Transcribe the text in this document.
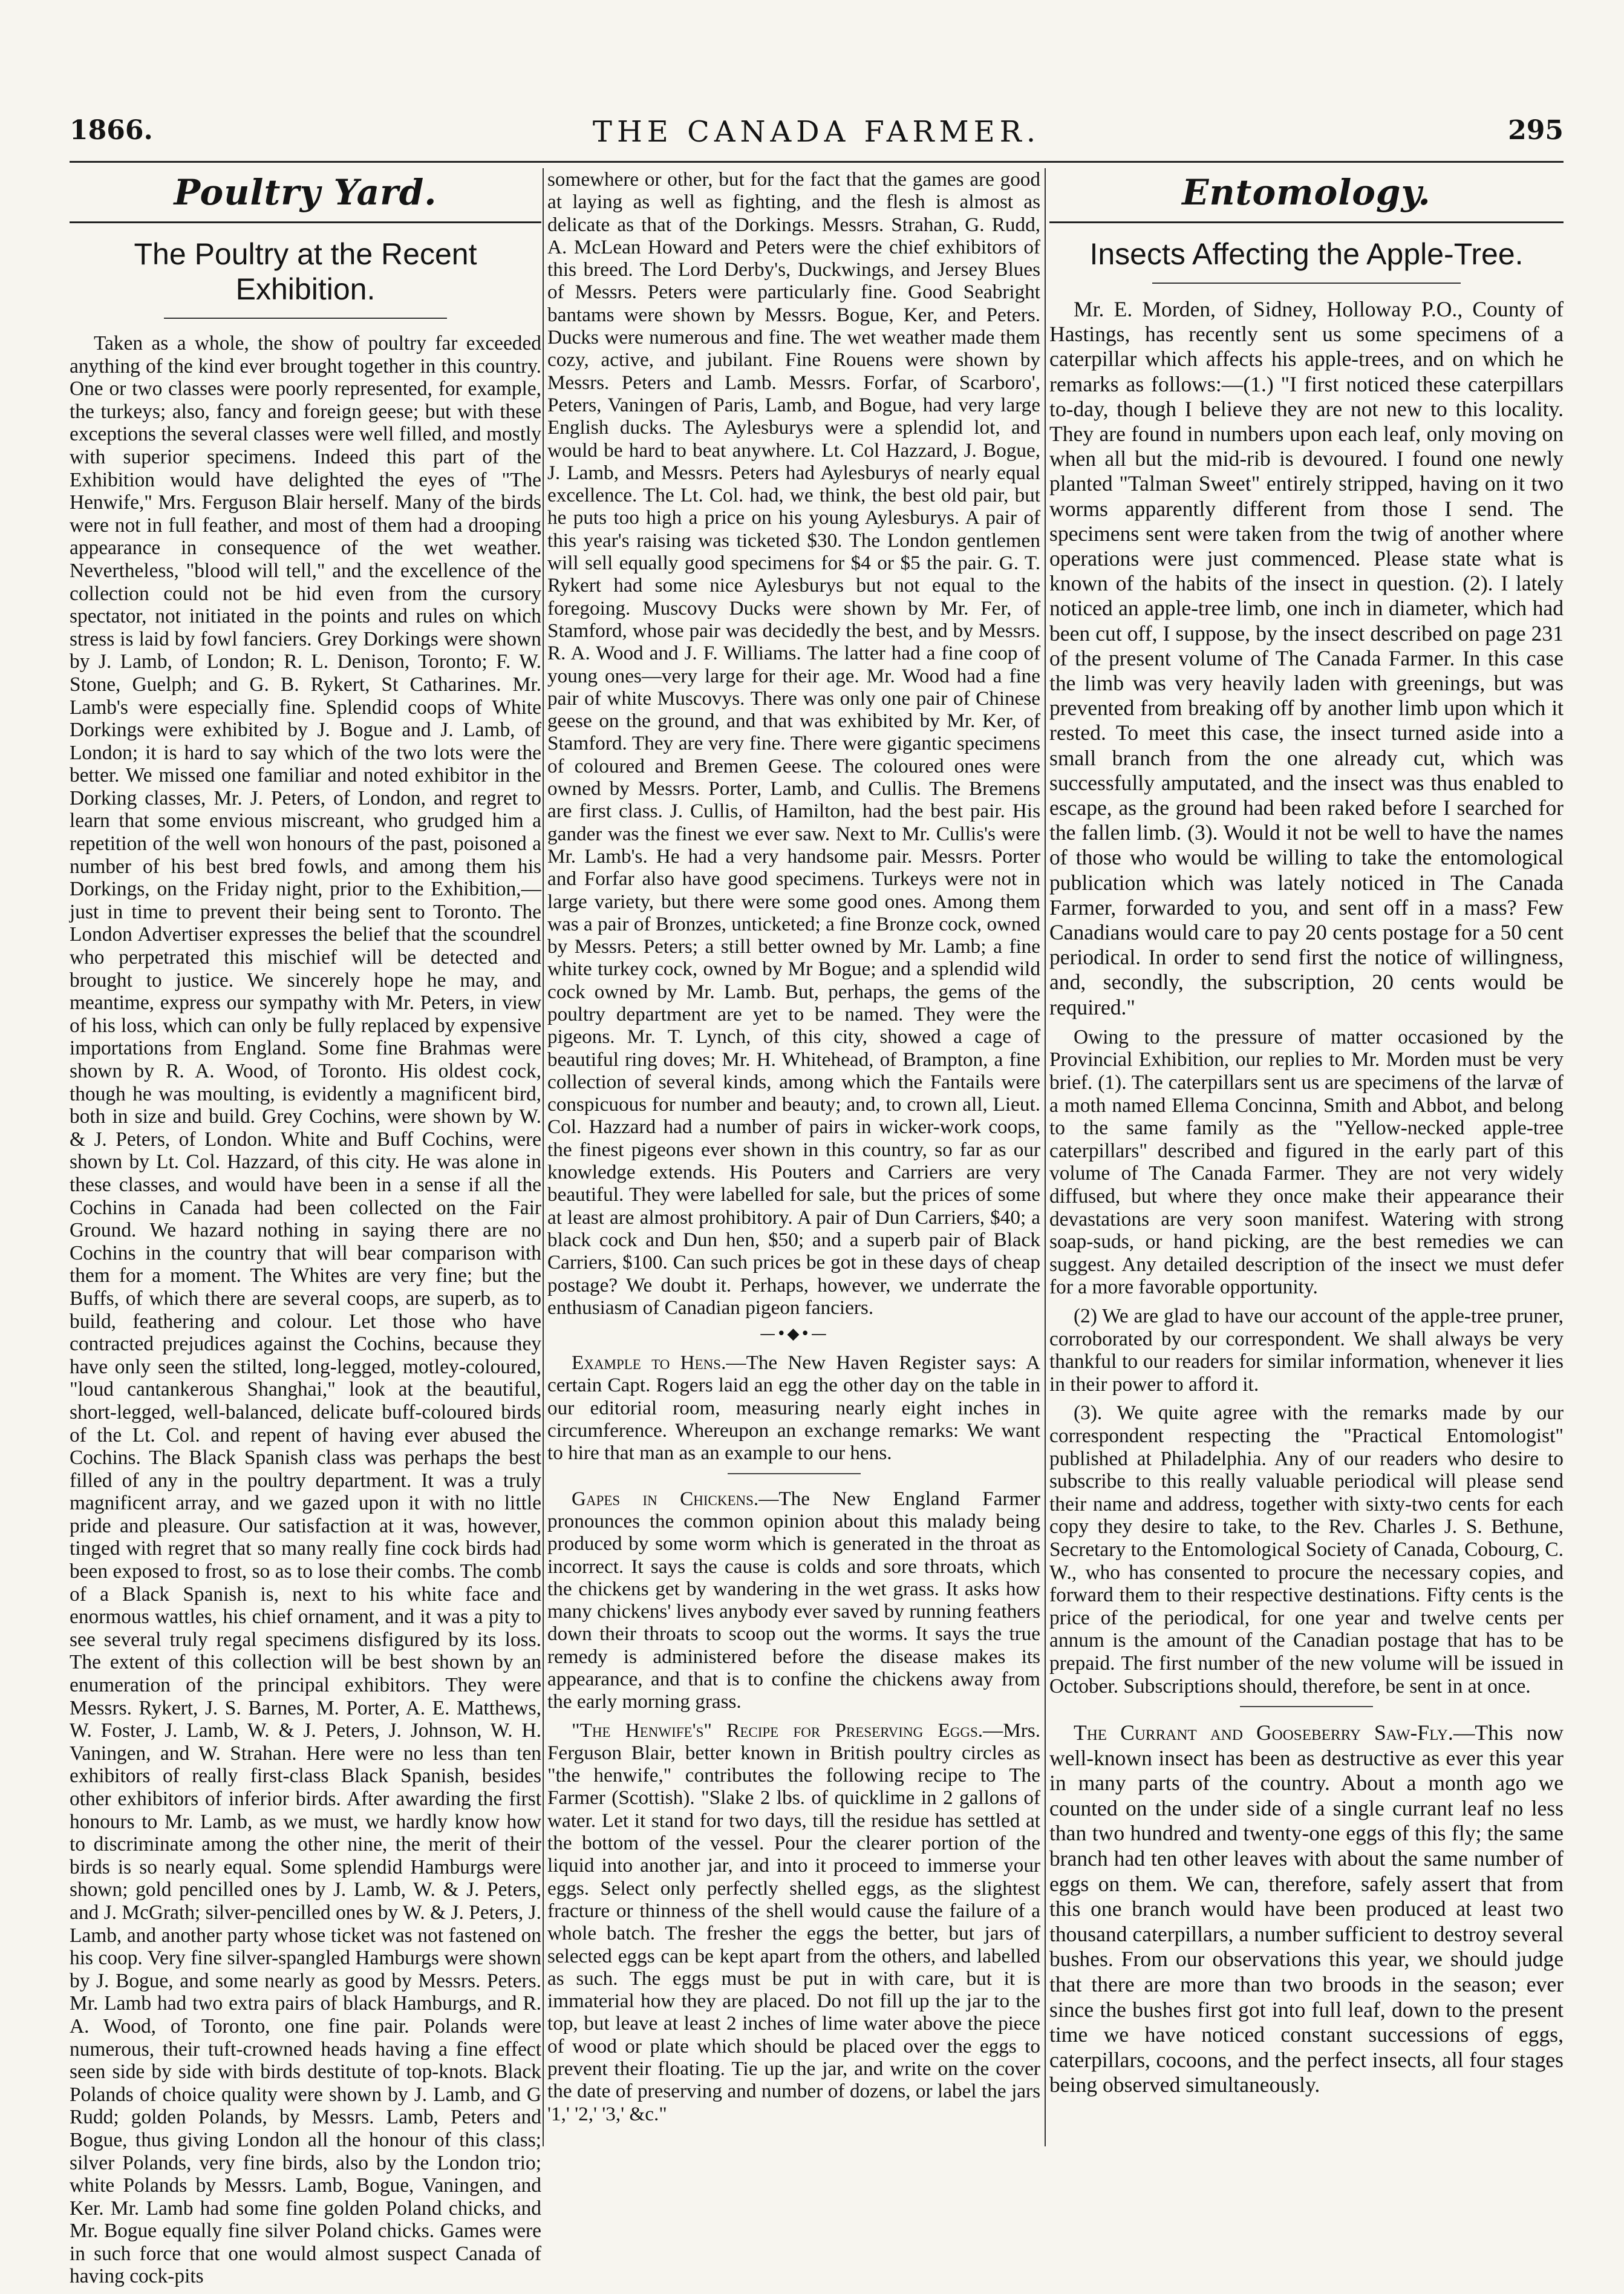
1866.	THE CANADA FARMER.	295
Poultry Yard.
The Poultry at the Recent Exhibition.

Taken as a whole, the show of poultry far exceeded anything of the kind ever brought together in this country. One or two classes were poorly represented, for example, the turkeys; also, fancy and foreign geese; but with these exceptions the several classes were well filled, and mostly with superior specimens. Indeed this part of the Exhibition would have delighted the eyes of "The Henwife," Mrs. Ferguson Blair herself. Many of the birds were not in full feather, and most of them had a drooping appearance in consequence of the wet weather. Nevertheless, "blood will tell," and the excellence of the collection could not be hid even from the cursory spectator, not initiated in the points and rules on which stress is laid by fowl fanciers. Grey Dorkings were shown by J. Lamb, of London; R. L. Denison, Toronto; F. W. Stone, Guelph; and G. B. Rykert, St Catharines. Mr. Lamb's were especially fine. Splendid coops of White Dorkings were exhibited by J. Bogue and J. Lamb, of London; it is hard to say which of the two lots were the better. We missed one familiar and noted exhibitor in the Dorking classes, Mr. J. Peters, of London, and regret to learn that some envious miscreant, who grudged him a repetition of the well won honours of the past, poisoned a number of his best bred fowls, and among them his Dorkings, on the Friday night, prior to the Exhibition,—just in time to prevent their being sent to Toronto. The London Advertiser expresses the belief that the scoundrel who perpetrated this mischief will be detected and brought to justice. We sincerely hope he may, and meantime, express our sympathy with Mr. Peters, in view of his loss, which can only be fully replaced by expensive importations from England. Some fine Brahmas were shown by R. A. Wood, of Toronto. His oldest cock, though he was moulting, is evidently a magnificent bird, both in size and build. Grey Cochins, were shown by W. & J. Peters, of London. White and Buff Cochins, were shown by Lt. Col. Hazzard, of this city. He was alone in these classes, and would have been in a sense if all the Cochins in Canada had been collected on the Fair Ground. We hazard nothing in saying there are no Cochins in the country that will bear comparison with them for a moment. The Whites are very fine; but the Buffs, of which there are several coops, are superb, as to build, feathering and colour. Let those who have contracted prejudices against the Cochins, because they have only seen the stilted, long-legged, motley-coloured, "loud cantankerous Shanghai," look at the beautiful, short-legged, well-balanced, delicate buff-coloured birds of the Lt. Col. and repent of having ever abused the Cochins. The Black Spanish class was perhaps the best filled of any in the poultry department. It was a truly magnificent array, and we gazed upon it with no little pride and pleasure. Our satisfaction at it was, however, tinged with regret that so many really fine cock birds had been exposed to frost, so as to lose their combs. The comb of a Black Spanish is, next to his white face and enormous wattles, his chief ornament, and it was a pity to see several truly regal specimens disfigured by its loss. The extent of this collection will be best shown by an enumeration of the principal exhibitors. They were Messrs. Rykert, J. S. Barnes, M. Porter, A. E. Matthews, W. Foster, J. Lamb, W. & J. Peters, J. Johnson, W. H. Vaningen, and W. Strahan. Here were no less than ten exhibitors of really first-class Black Spanish, besides other exhibitors of inferior birds. After awarding the first honours to Mr. Lamb, as we must, we hardly know how to discriminate among the other nine, the merit of their birds is so nearly equal. Some splendid Hamburgs were shown; gold pencilled ones by J. Lamb, W. & J. Peters, and J. McGrath; silver-pencilled ones by W. & J. Peters, J. Lamb, and another party whose ticket was not fastened on his coop. Very fine silver-spangled Hamburgs were shown by J. Bogue, and some nearly as good by Messrs. Peters. Mr. Lamb had two extra pairs of black Hamburgs, and R. A. Wood, of Toronto, one fine pair. Polands were numerous, their tuft-crowned heads having a fine effect seen side by side with birds destitute of top-knots. Black Polands of choice quality were shown by J. Lamb, and G Rudd; golden Polands, by Messrs. Lamb, Peters and Bogue, thus giving London all the honour of this class; silver Polands, very fine birds, also by the London trio; white Polands by Messrs. Lamb, Bogue, Vaningen, and Ker. Mr. Lamb had some fine golden Poland chicks, and Mr. Bogue equally fine silver Poland chicks. Games were in such force that one would almost suspect Canada of having cock-pits

somewhere or other, but for the fact that the games are good at laying as well as fighting, and the flesh is almost as delicate as that of the Dorkings. Messrs. Strahan, G. Rudd, A. McLean Howard and Peters were the chief exhibitors of this breed. The Lord Derby's, Duckwings, and Jersey Blues of Messrs. Peters were particularly fine. Good Seabright bantams were shown by Messrs. Bogue, Ker, and Peters. Ducks were numerous and fine. The wet weather made them cozy, active, and jubilant. Fine Rouens were shown by Messrs. Peters and Lamb. Messrs. Forfar, of Scarboro', Peters, Vaningen of Paris, Lamb, and Bogue, had very large English ducks. The Aylesburys were a splendid lot, and would be hard to beat anywhere. Lt. Col Hazzard, J. Bogue, J. Lamb, and Messrs. Peters had Aylesburys of nearly equal excellence. The Lt. Col. had, we think, the best old pair, but he puts too high a price on his young Aylesburys. A pair of this year's raising was ticketed $30. The London gentlemen will sell equally good specimens for $4 or $5 the pair. G. T. Rykert had some nice Aylesburys but not equal to the foregoing. Muscovy Ducks were shown by Mr. Fer, of Stamford, whose pair was decidedly the best, and by Messrs. R. A. Wood and J. F. Williams. The latter had a fine coop of young ones—very large for their age. Mr. Wood had a fine pair of white Muscovys. There was only one pair of Chinese geese on the ground, and that was exhibited by Mr. Ker, of Stamford. They are very fine. There were gigantic specimens of coloured and Bremen Geese. The coloured ones were owned by Messrs. Porter, Lamb, and Cullis. The Bremens are first class. J. Cullis, of Hamilton, had the best pair. His gander was the finest we ever saw. Next to Mr. Cullis's were Mr. Lamb's. He had a very handsome pair. Messrs. Porter and Forfar also have good specimens. Turkeys were not in large variety, but there were some good ones. Among them was a pair of Bronzes, unticketed; a fine Bronze cock, owned by Messrs. Peters; a still better owned by Mr. Lamb; a fine white turkey cock, owned by Mr Bogue; and a splendid wild cock owned by Mr. Lamb. But, perhaps, the gems of the poultry department are yet to be named. They were the pigeons. Mr. T. Lynch, of this city, showed a cage of beautiful ring doves; Mr. H. Whitehead, of Brampton, a fine collection of several kinds, among which the Fantails were conspicuous for number and beauty; and, to crown all, Lieut. Col. Hazzard had a number of pairs in wicker-work coops, the finest pigeons ever shown in this country, so far as our knowledge extends. His Pouters and Carriers are very beautiful. They were labelled for sale, but the prices of some at least are almost prohibitory. A pair of Dun Carriers, $40; a black cock and Dun hen, $50; and a superb pair of Black Carriers, $100. Can such prices be got in these days of cheap postage? We doubt it. Perhaps, however, we underrate the enthusiasm of Canadian pigeon fanciers.

—•◆•—

Example to Hens.—The New Haven Register says: A certain Capt. Rogers laid an egg the other day on the table in our editorial room, measuring nearly eight inches in circumference. Whereupon an exchange remarks: We want to hire that man as an example to our hens.

Gapes in Chickens.—The New England Farmer pronounces the common opinion about this malady being produced by some worm which is generated in the throat as incorrect. It says the cause is colds and sore throats, which the chickens get by wandering in the wet grass. It asks how many chickens' lives anybody ever saved by running feathers down their throats to scoop out the worms. It says the true remedy is administered before the disease makes its appearance, and that is to confine the chickens away from the early morning grass.

"The Henwife's" Recipe for Preserving Eggs.—Mrs. Ferguson Blair, better known in British poultry circles as "the henwife," contributes the following recipe to The Farmer (Scottish). "Slake 2 lbs. of quicklime in 2 gallons of water. Let it stand for two days, till the residue has settled at the bottom of the vessel. Pour the clearer portion of the liquid into another jar, and into it proceed to immerse your eggs. Select only perfectly shelled eggs, as the slightest fracture or thinness of the shell would cause the failure of a whole batch. The fresher the eggs the better, but jars of selected eggs can be kept apart from the others, and labelled as such. The eggs must be put in with care, but it is immaterial how they are placed. Do not fill up the jar to the top, but leave at least 2 inches of lime water above the piece of wood or plate which should be placed over the eggs to prevent their floating. Tie up the jar, and write on the cover the date of preserving and number of dozens, or label the jars '1,' '2,' '3,' &c."

Entomology.
Insects Affecting the Apple-Tree.

Mr. E. Morden, of Sidney, Holloway P.O., County of Hastings, has recently sent us some specimens of a caterpillar which affects his apple-trees, and on which he remarks as follows:—(1.) "I first noticed these caterpillars to-day, though I believe they are not new to this locality. They are found in numbers upon each leaf, only moving on when all but the mid-rib is devoured. I found one newly planted "Talman Sweet" entirely stripped, having on it two worms apparently different from those I send. The specimens sent were taken from the twig of another where operations were just commenced. Please state what is known of the habits of the insect in question. (2). I lately noticed an apple-tree limb, one inch in diameter, which had been cut off, I suppose, by the insect described on page 231 of the present volume of The Canada Farmer. In this case the limb was very heavily laden with greenings, but was prevented from breaking off by another limb upon which it rested. To meet this case, the insect turned aside into a small branch from the one already cut, which was successfully amputated, and the insect was thus enabled to escape, as the ground had been raked before I searched for the fallen limb. (3). Would it not be well to have the names of those who would be willing to take the entomological publication which was lately noticed in The Canada Farmer, forwarded to you, and sent off in a mass? Few Canadians would care to pay 20 cents postage for a 50 cent periodical. In order to send first the notice of willingness, and, secondly, the subscription, 20 cents would be required."

Owing to the pressure of matter occasioned by the Provincial Exhibition, our replies to Mr. Morden must be very brief. (1). The caterpillars sent us are specimens of the larvæ of a moth named Ellema Concinna, Smith and Abbot, and belong to the same family as the "Yellow-necked apple-tree caterpillars" described and figured in the early part of this volume of The Canada Farmer. They are not very widely diffused, but where they once make their appearance their devastations are very soon manifest. Watering with strong soap-suds, or hand picking, are the best remedies we can suggest. Any detailed description of the insect we must defer for a more favorable opportunity.

(2) We are glad to have our account of the apple-tree pruner, corroborated by our correspondent. We shall always be very thankful to our readers for similar information, whenever it lies in their power to afford it.

(3). We quite agree with the remarks made by our correspondent respecting the "Practical Entomologist" published at Philadelphia. Any of our readers who desire to subscribe to this really valuable periodical will please send their name and address, together with sixty-two cents for each copy they desire to take, to the Rev. Charles J. S. Bethune, Secretary to the Entomological Society of Canada, Cobourg, C. W., who has consented to procure the necessary copies, and forward them to their respective destinations. Fifty cents is the price of the periodical, for one year and twelve cents per annum is the amount of the Canadian postage that has to be prepaid. The first number of the new volume will be issued in October. Subscriptions should, therefore, be sent in at once.

The Currant and Gooseberry Saw-Fly.—This now well-known insect has been as destructive as ever this year in many parts of the country. About a month ago we counted on the under side of a single currant leaf no less than two hundred and twenty-one eggs of this fly; the same branch had ten other leaves with about the same number of eggs on them. We can, therefore, safely assert that from this one branch would have been produced at least two thousand caterpillars, a number sufficient to destroy several bushes. From our observations this year, we should judge that there are more than two broods in the season; ever since the bushes first got into full leaf, down to the present time we have noticed constant successions of eggs, caterpillars, cocoons, and the perfect insects, all four stages being observed simultaneously.
